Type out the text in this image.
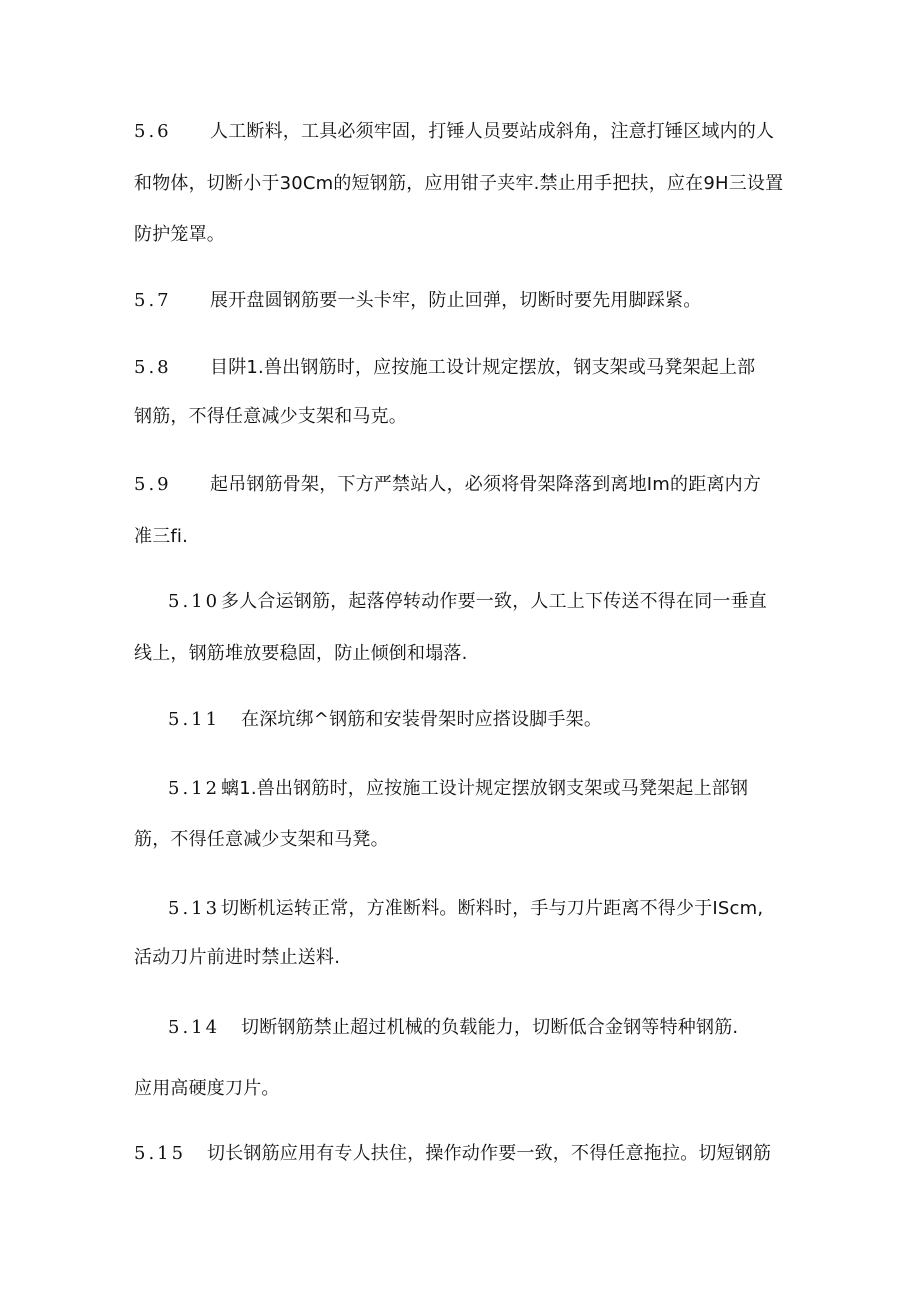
5.6 人工断料，工具必须牢固，打锤人员要站成斜角，注意打锤区域内的人
和物体，切断小于30Cm的短钢筋，应用钳子夹牢.禁止用手把扶，应在9H三设置
防护笼罩。
5.7 展开盘圆钢筋要一头卡牢，防止回弹，切断时要先用脚踩紧。
5.8 目阱1.兽出钢筋时，应按施工设计规定摆放，钢支架或马凳架起上部
钢筋，不得任意减少支架和马克。
5.9 起吊钢筋骨架，下方严禁站人，必须将骨架降落到离地Im的距离内方
准三fi.
5.10多人合运钢筋，起落停转动作要一致，人工上下传送不得在同一垂直
线上，钢筋堆放要稳固，防止倾倒和塌落.
5.11 在深坑绑^钢筋和安装骨架时应搭设脚手架。
5.12螭1.兽出钢筋时，应按施工设计规定摆放钢支架或马凳架起上部钢
筋，不得任意减少支架和马凳。
5.13切断机运转正常，方准断料。断料时，手与刀片距离不得少于IScm,
活动刀片前进时禁止送料.
5.14 切断钢筋禁止超过机械的负载能力，切断低合金钢等特种钢筋.
应用高硬度刀片。
5.15 切长钢筋应用有专人扶住，操作动作要一致，不得任意拖拉。切短钢筋
